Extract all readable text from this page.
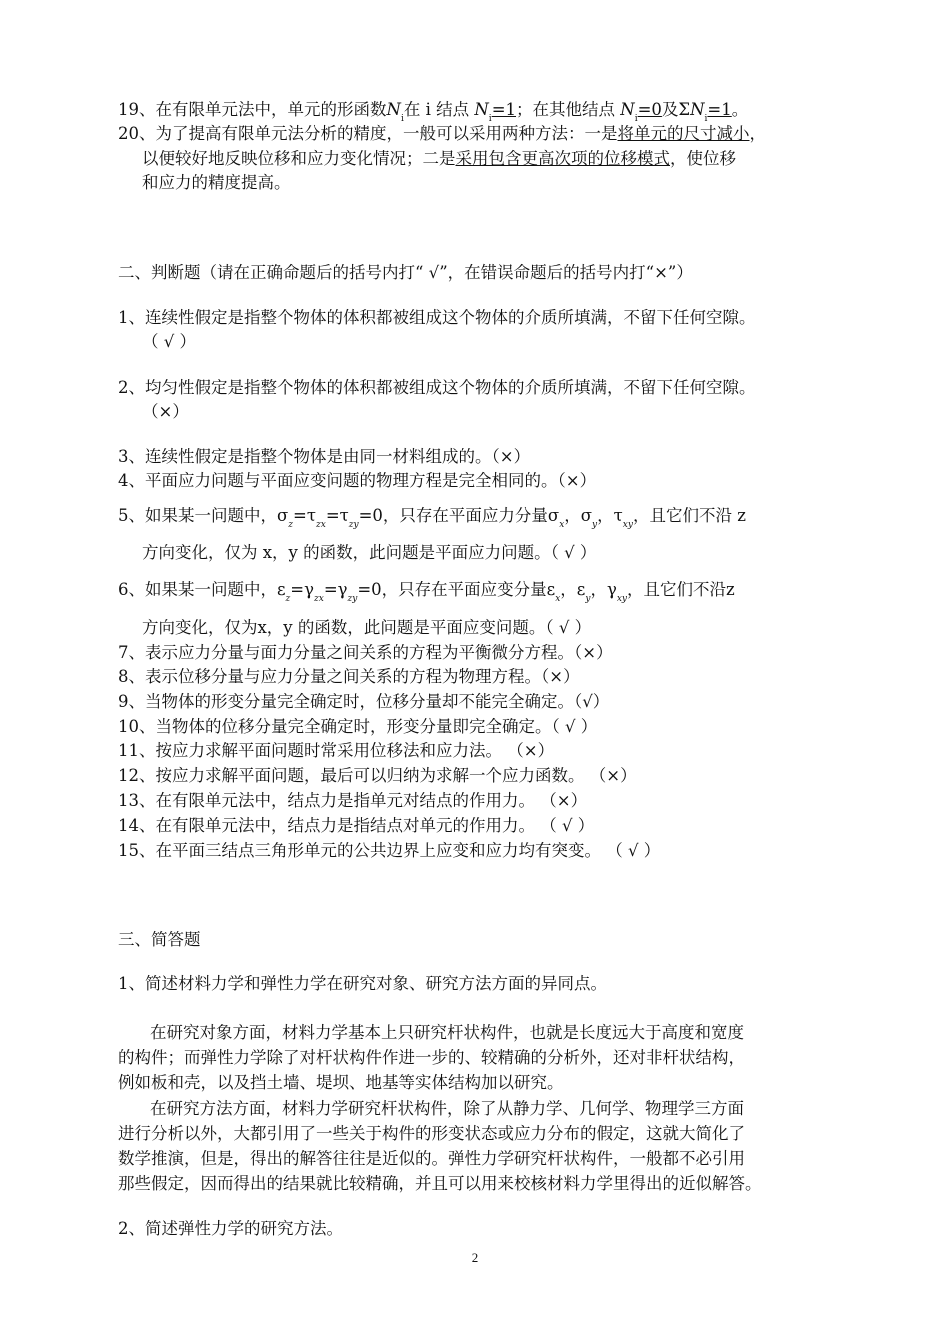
19、在有限单元法中，单元的形函数$N_i$在 i 结点 $N_i=1$；在其他结点 $N_i=0$及$\Sigma N_i=1$。
20、为了提高有限单元法分析的精度，一般可以采用两种方法：一是将单元的尺寸减小，
以便较好地反映位移和应力变化情况；二是采用包含更高次项的位移模式，使位移
和应力的精度提高。
二、判断题（请在正确命题后的括号内打“ √”，在错误命题后的括号内打“×”）
1、连续性假定是指整个物体的体积都被组成这个物体的介质所填满，不留下任何空隙。
（ √ ）
2、均匀性假定是指整个物体的体积都被组成这个物体的介质所填满，不留下任何空隙。
（×）
3、连续性假定是指整个物体是由同一材料组成的。（×）
4、平面应力问题与平面应变问题的物理方程是完全相同的。（×）
5、如果某一问题中，$\sigma_z=\tau_{zx}=\tau_{zy}=0$，只存在平面应力分量$\sigma_x$，$\sigma_y$，$\tau_{xy}$，且它们不沿 z
方向变化，仅为 x，y 的函数，此问题是平面应力问题。（ √ ）
6、如果某一问题中，$\varepsilon_z=\gamma_{zx}=\gamma_{zy}=0$，只存在平面应变分量$\varepsilon_x$，$\varepsilon_y$，$\gamma_{xy}$，且它们不沿z
方向变化，仅为x，y 的函数，此问题是平面应变问题。（ √ ）
7、表示应力分量与面力分量之间关系的方程为平衡微分方程。（×）
8、表示位移分量与应力分量之间关系的方程为物理方程。（×）
9、当物体的形变分量完全确定时，位移分量却不能完全确定。（√）
10、当物体的位移分量完全确定时，形变分量即完全确定。（ √ ）
11、按应力求解平面问题时常采用位移法和应力法。 （×）
12、按应力求解平面问题，最后可以归纳为求解一个应力函数。 （×）
13、在有限单元法中，结点力是指单元对结点的作用力。 （×）
14、在有限单元法中，结点力是指结点对单元的作用力。 （ √ ）
15、在平面三结点三角形单元的公共边界上应变和应力均有突变。 （ √ ）
三、简答题
1、简述材料力学和弹性力学在研究对象、研究方法方面的异同点。
在研究对象方面，材料力学基本上只研究杆状构件，也就是长度远大于高度和宽度
的构件；而弹性力学除了对杆状构件作进一步的、较精确的分析外，还对非杆状结构，
例如板和壳，以及挡土墙、堤坝、地基等实体结构加以研究。
在研究方法方面，材料力学研究杆状构件，除了从静力学、几何学、物理学三方面
进行分析以外，大都引用了一些关于构件的形变状态或应力分布的假定，这就大简化了
数学推演，但是，得出的解答往往是近似的。弹性力学研究杆状构件，一般都不必引用
那些假定，因而得出的结果就比较精确，并且可以用来校核材料力学里得出的近似解答。
2、简述弹性力学的研究方法。
2
